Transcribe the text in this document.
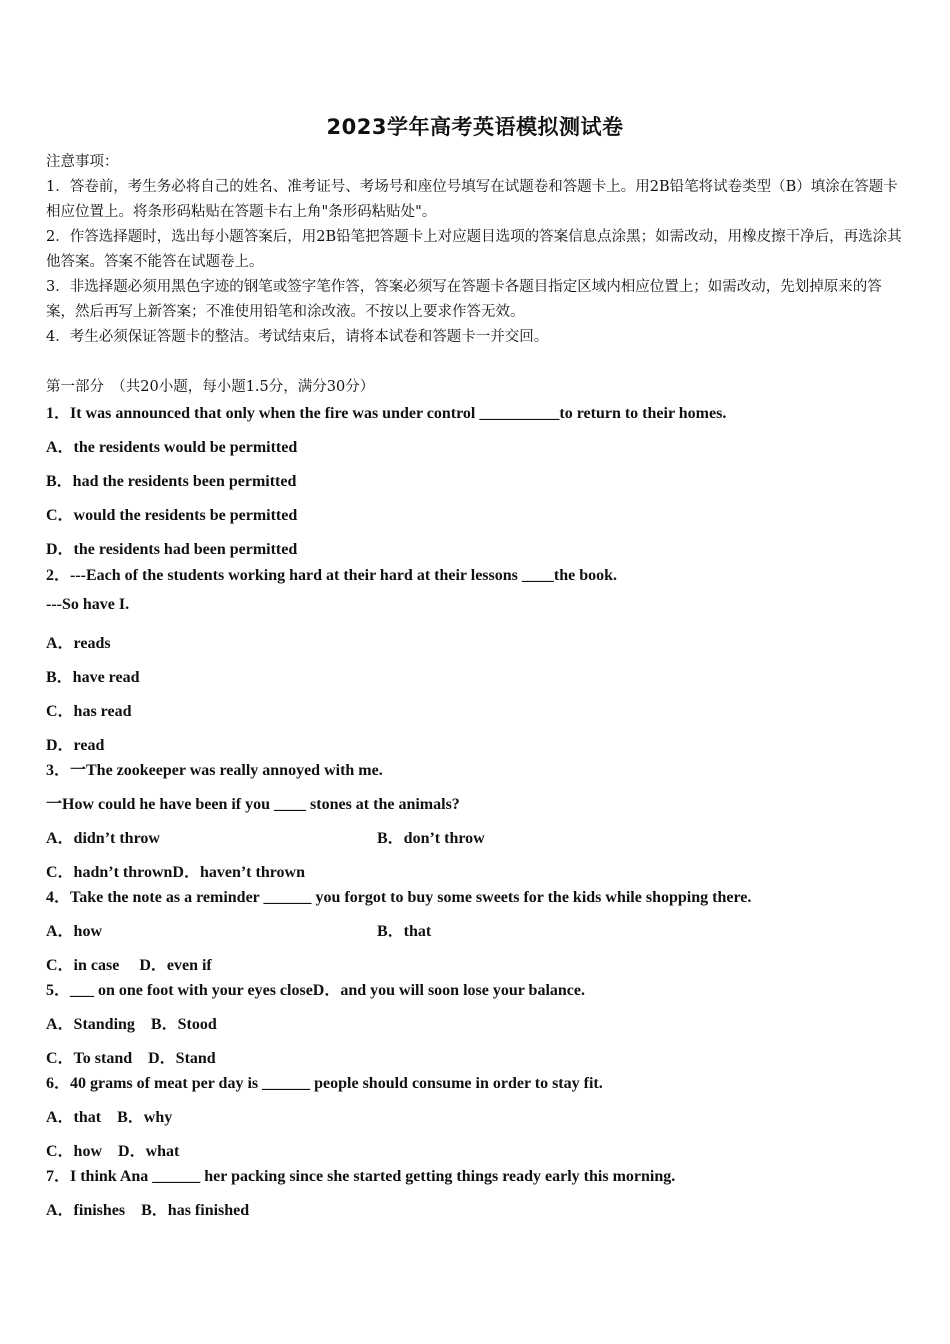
2023学年高考英语模拟测试卷

注意事项：

1．答卷前，考生务必将自己的姓名、准考证号、考场号和座位号填写在试题卷和答题卡上。用2B铅笔将试卷类型（B）填涂在答题卡相应位置上。将条形码粘贴在答题卡右上角"条形码粘贴处"。

2．作答选择题时，选出每小题答案后，用2B铅笔把答题卡上对应题目选项的答案信息点涂黑；如需改动，用橡皮擦干净后，再选涂其他答案。答案不能答在试题卷上。

3．非选择题必须用黑色字迹的钢笔或签字笔作答，答案必须写在答题卡各题目指定区域内相应位置上；如需改动，先划掉原来的答案，然后再写上新答案；不准使用铅笔和涂改液。不按以上要求作答无效。

4．考生必须保证答题卡的整洁。考试结束后，请将本试卷和答题卡一并交回。

第一部分　（共20小题，每小题1.5分，满分30分）
1．It was announced that only when the fire was under control __________to return to their homes.
A．the residents would be permitted
B．had the residents been permitted
C．would the residents be permitted
D．the residents had been permitted
2．---Each of the students working hard at their hard at their lessons ____the book.
---So have I.
A．reads
B．have read
C．has read
D．read
3．一The zookeeper was really annoyed with me.
一How could he have been if you ____ stones at the animals?
A．didn’t throw	B．don’t throw
C．hadn’t thrownD．haven’t thrown
4．Take the note as a reminder ______ you forgot to buy some sweets for the kids while shopping there.
A．how	B．that
C．in case　 D．even if
5．___ on one foot with your eyes closeD．and you will soon lose your balance.
A．Standing　B．Stood
C．To stand　D．Stand
6．40 grams of meat per day is ______ people should consume in order to stay fit.
A．that　B．why
C．how　D．what
7．I think Ana ______ her packing since she started getting things ready early this morning.
A．finishes　B．has finished
